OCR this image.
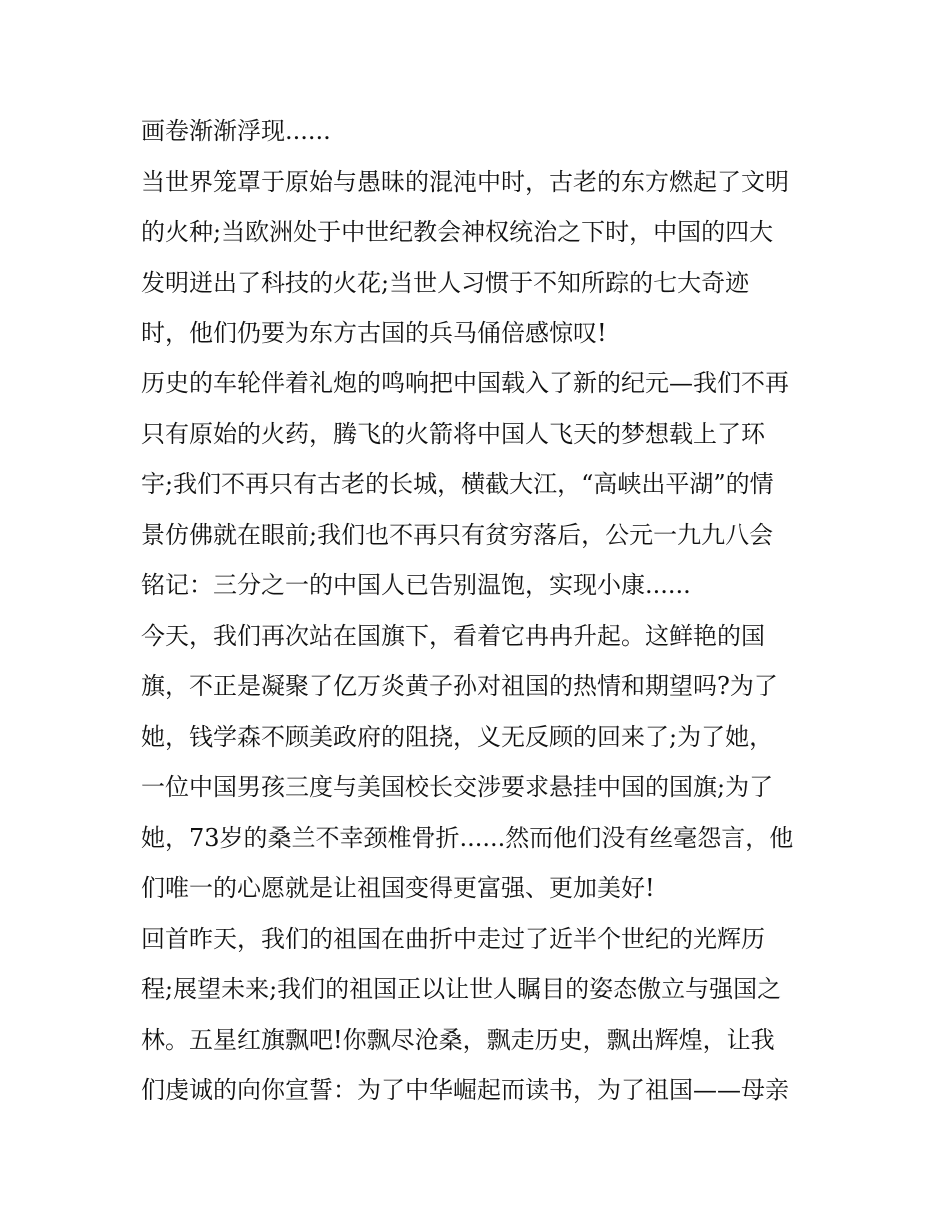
画卷渐渐浮现......
当世界笼罩于原始与愚昧的混沌中时，古老的东方燃起了文明
的火种;当欧洲处于中世纪教会神权统治之下时，中国的四大
发明迸出了科技的火花;当世人习惯于不知所踪的七大奇迹
时，他们仍要为东方古国的兵马俑倍感惊叹!
历史的车轮伴着礼炮的鸣响把中国载入了新的纪元—我们不再
只有原始的火药，腾飞的火箭将中国人飞天的梦想载上了环
宇;我们不再只有古老的长城，横截大江，“高峡出平湖”的情
景仿佛就在眼前;我们也不再只有贫穷落后，公元一九九八会
铭记：三分之一的中国人已告别温饱，实现小康......
今天，我们再次站在国旗下，看着它冉冉升起。这鲜艳的国
旗，不正是凝聚了亿万炎黄子孙对祖国的热情和期望吗?为了
她，钱学森不顾美政府的阻挠，义无反顾的回来了;为了她，
一位中国男孩三度与美国校长交涉要求悬挂中国的国旗;为了
她，73岁的桑兰不幸颈椎骨折......然而他们没有丝毫怨言，他
们唯一的心愿就是让祖国变得更富强、更加美好!
回首昨天，我们的祖国在曲折中走过了近半个世纪的光辉历
程;展望未来;我们的祖国正以让世人瞩目的姿态傲立与强国之
林。五星红旗飘吧!你飘尽沧桑，飘走历史，飘出辉煌，让我
们虔诚的向你宣誓：为了中华崛起而读书，为了祖国——母亲
